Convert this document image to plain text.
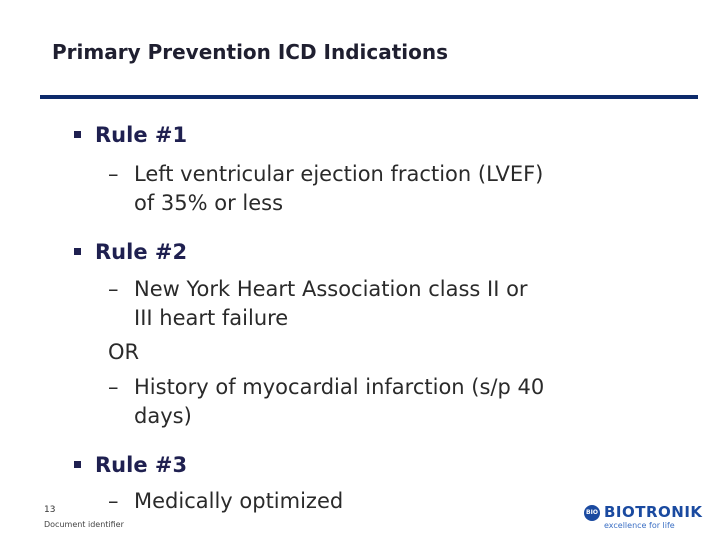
Primary Prevention ICD Indications
Rule #1
– Left ventricular ejection fraction (LVEF)
of 35% or less
Rule #2
– New York Heart Association class II or
III heart failure
OR
– History of myocardial infarction (s/p 40
days)
Rule #3
– Medically optimized
13
Document identifier
BIO BIOTRONIK
excellence for life
